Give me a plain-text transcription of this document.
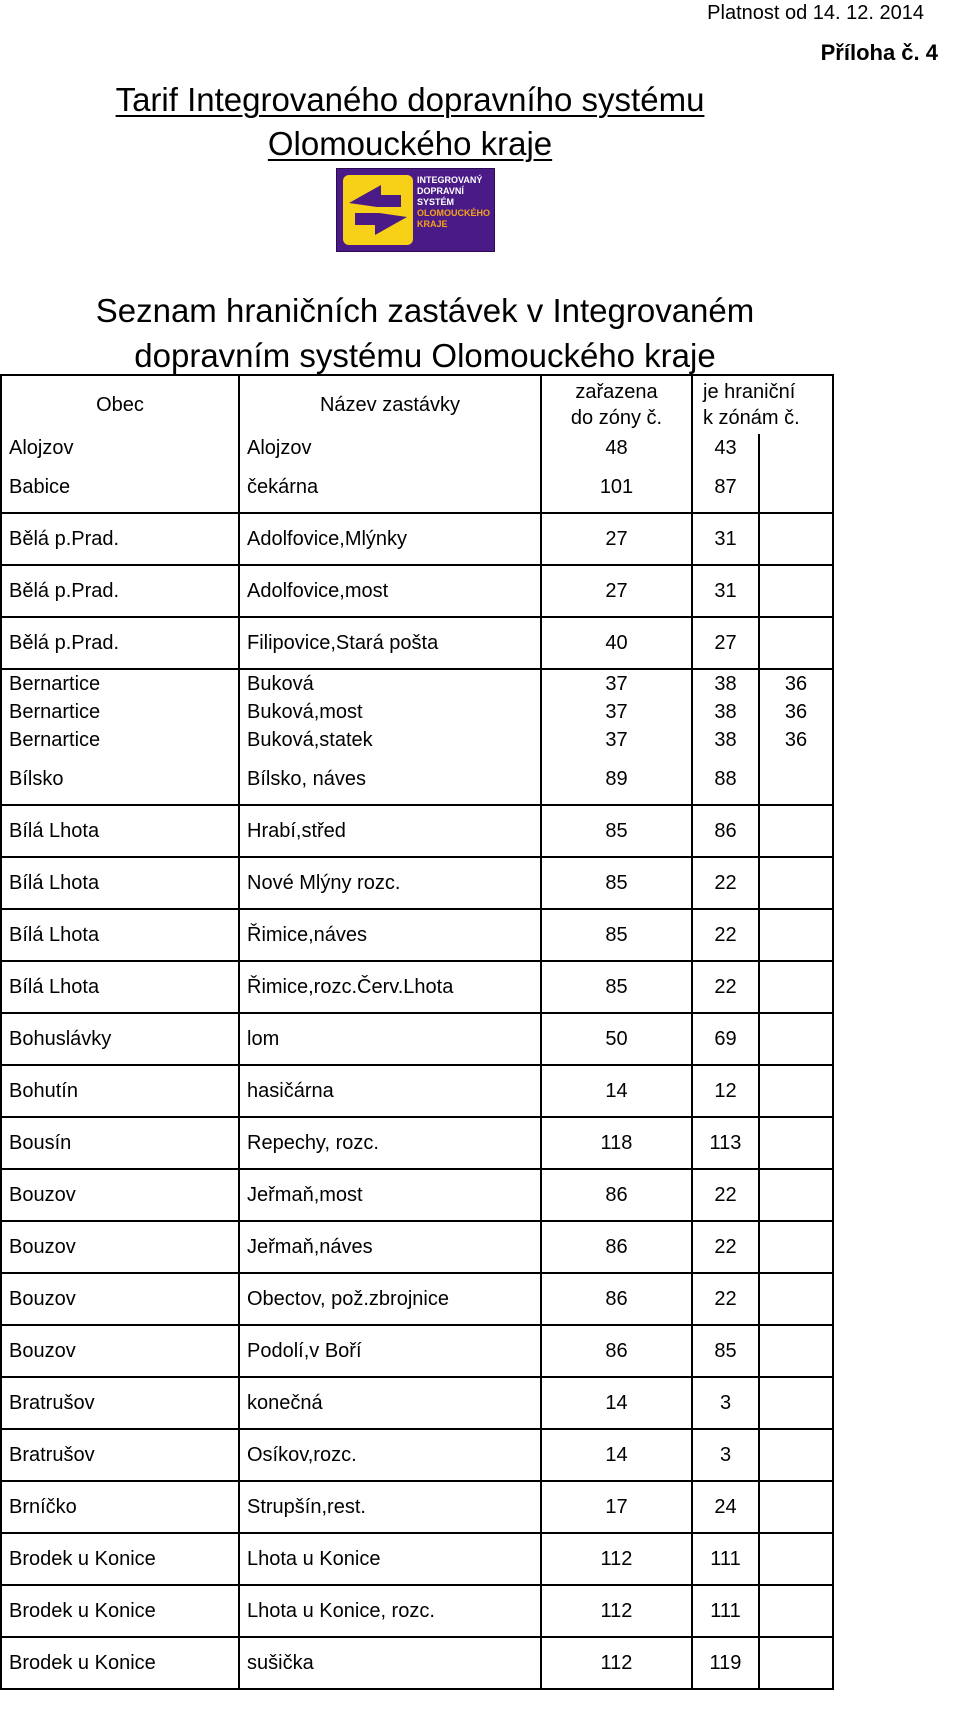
Platnost od 14. 12. 2014
Příloha č. 4
Tarif Integrovaného dopravního systému
Olomouckého kraje
INTEGROVANÝ
DOPRAVNÍ
SYSTÉM
OLOMOUCKÉHO
KRAJE
Seznam hraničních zastávek v Integrovaném
dopravním systému Olomouckého kraje
Obec	Název zastávky	zařazena
do zóny č.	je hraniční
k zónám č.	

Alojzov	Alojzov	48	43	
Babice	čekárna	101	87	
Bělá p.Prad.	Adolfovice,Mlýnky	27	31	
Bělá p.Prad.	Adolfovice,most	27	31	
Bělá p.Prad.	Filipovice,Stará pošta	40	27	
Bernartice	Buková	37	38	36
Bernartice	Buková,most	37	38	36
Bernartice	Buková,statek	37	38	36
Bílsko	Bílsko, náves	89	88	
Bílá Lhota	Hrabí,střed	85	86	
Bílá Lhota	Nové Mlýny rozc.	85	22	
Bílá Lhota	Řimice,náves	85	22	
Bílá Lhota	Řimice,rozc.Červ.Lhota	85	22	
Bohuslávky	lom	50	69	
Bohutín	hasičárna	14	12	
Bousín	Repechy, rozc.	118	113	
Bouzov	Jeřmaň,most	86	22	
Bouzov	Jeřmaň,náves	86	22	
Bouzov	Obectov, pož.zbrojnice	86	22	
Bouzov	Podolí,v Boří	86	85	
Bratrušov	konečná	14	3	
Bratrušov	Osíkov,rozc.	14	3	
Brníčko	Strupšín,rest.	17	24	
Brodek u Konice	Lhota u Konice	112	111	
Brodek u Konice	Lhota u Konice, rozc.	112	111	
Brodek u Konice	sušička	112	119	
